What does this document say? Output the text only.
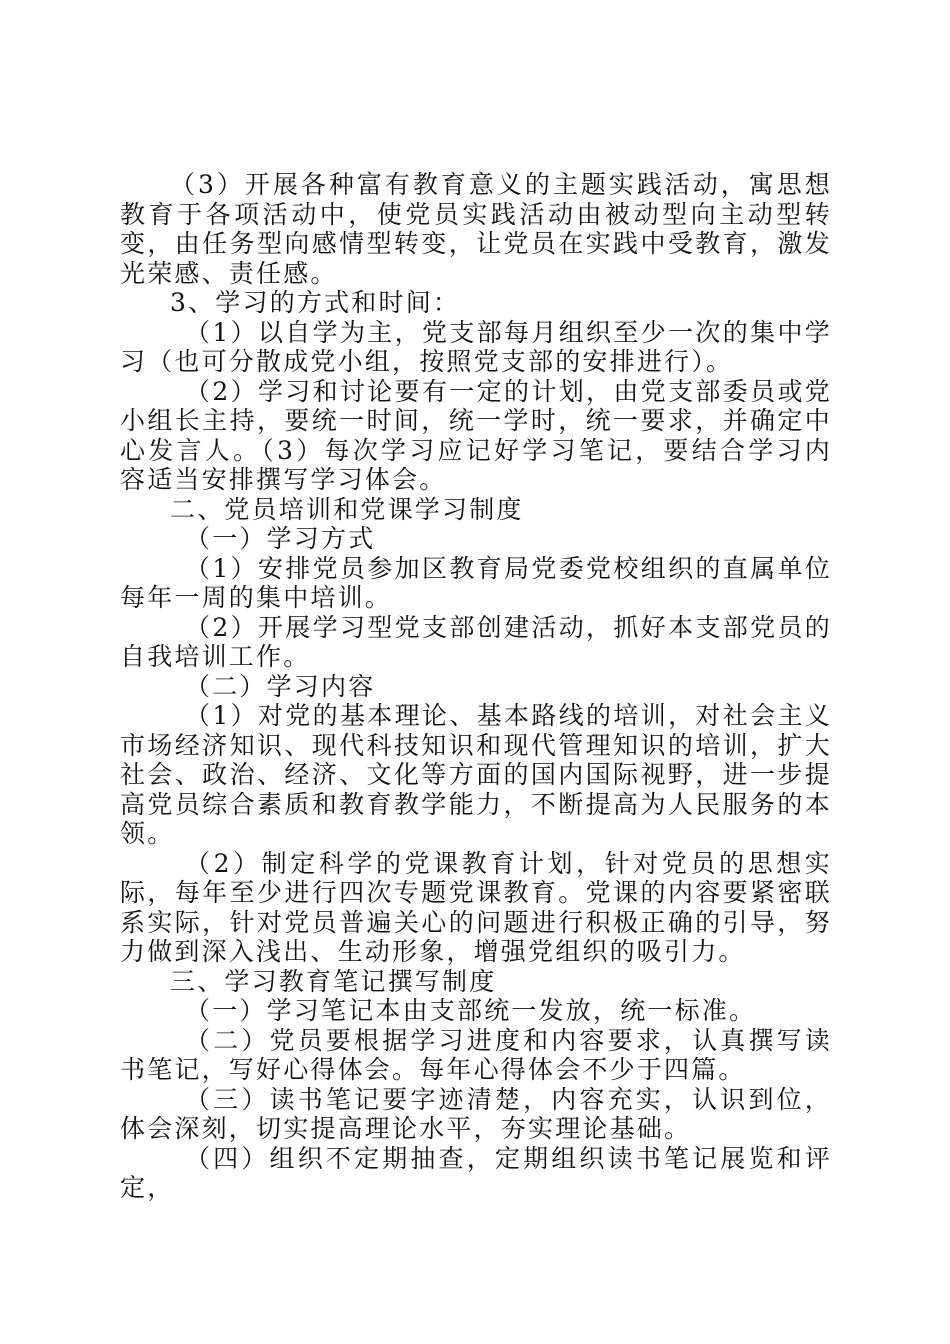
（3）开展各种富有教育意义的主题实践活动，寓思想教育于各项活动中，使党员实践活动由被动型向主动型转变，由任务型向感情型转变，让党员在实践中受教育，激发光荣感、责任感。

3、学习的方式和时间：

（1）以自学为主，党支部每月组织至少一次的集中学习（也可分散成党小组，按照党支部的安排进行）。

（2）学习和讨论要有一定的计划，由党支部委员或党小组长主持，要统一时间，统一学时，统一要求，并确定中心发言人。（3）每次学习应记好学习笔记，要结合学习内容适当安排撰写学习体会。

二、党员培训和党课学习制度

（一）学习方式

（1）安排党员参加区教育局党委党校组织的直属单位每年一周的集中培训。

（2）开展学习型党支部创建活动，抓好本支部党员的自我培训工作。

（二）学习内容

（1）对党的基本理论、基本路线的培训，对社会主义市场经济知识、现代科技知识和现代管理知识的培训，扩大社会、政治、经济、文化等方面的国内国际视野，进一步提高党员综合素质和教育教学能力，不断提高为人民服务的本领。

（2）制定科学的党课教育计划，针对党员的思想实际，每年至少进行四次专题党课教育。党课的内容要紧密联系实际，针对党员普遍关心的问题进行积极正确的引导，努力做到深入浅出、生动形象，增强党组织的吸引力。

三、学习教育笔记撰写制度

（一）学习笔记本由支部统一发放，统一标准。

（二）党员要根据学习进度和内容要求，认真撰写读书笔记，写好心得体会。每年心得体会不少于四篇。

（三）读书笔记要字迹清楚，内容充实，认识到位，体会深刻，切实提高理论水平，夯实理论基础。

（四）组织不定期抽查，定期组织读书笔记展览和评定，
